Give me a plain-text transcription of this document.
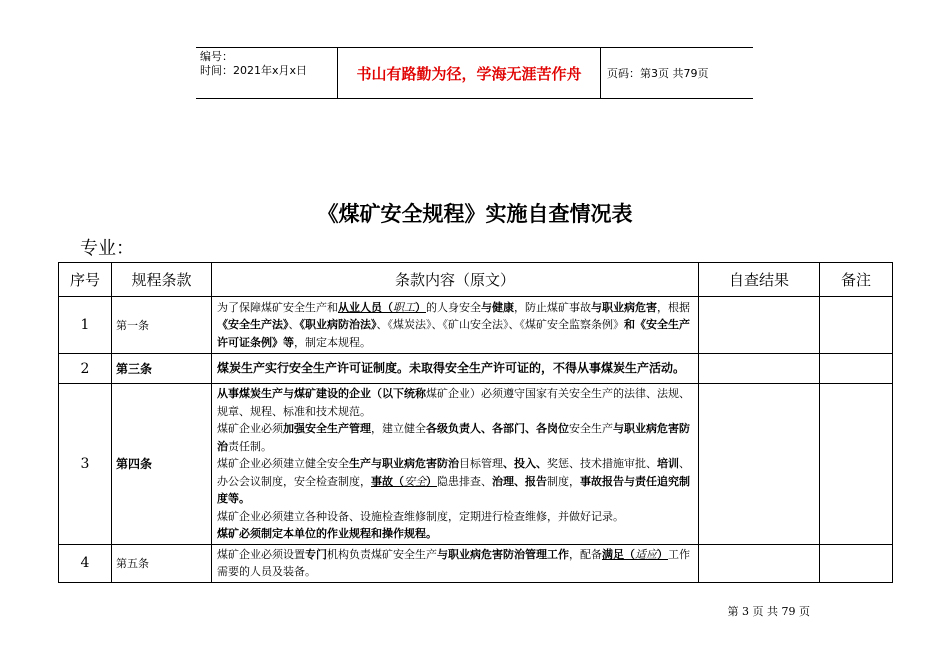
编号：
时间：2021年x月x日	书山有路勤为径，学海无涯苦作舟	页码：第3页 共79页
《煤矿安全规程》实施自查情况表
专业：
序号	规程条款	条款内容（原文）	自查结果	备注
1	第一条	为了保障煤矿安全生产和从业人员（职工）的人身安全与健康，防止煤矿事故与职业病危害，根据《安全生产法》、《职业病防治法》、《煤炭法》、《矿山安全法》、《煤矿安全监察条例》和《安全生产许可证条例》等，制定本规程。		
2	第三条	煤炭生产实行安全生产许可证制度。未取得安全生产许可证的，不得从事煤炭生产活动。		
3	第四条	从事煤炭生产与煤矿建设的企业（以下统称煤矿企业）必须遵守国家有关安全生产的法律、法规、规章、规程、标准和技术规范。
煤矿企业必须加强安全生产管理，建立健全各级负责人、各部门、各岗位安全生产与职业病危害防治责任制。
煤矿企业必须建立健全安全生产与职业病危害防治目标管理、投入、奖惩、技术措施审批、培训、办公会议制度，安全检查制度，事故（安全）隐患排查、治理、报告制度，事故报告与责任追究制度等。
煤矿企业必须建立各种设备、设施检查维修制度，定期进行检查维修，并做好记录。
煤矿必须制定本单位的作业规程和操作规程。		
4	第五条	煤矿企业必须设置专门机构负责煤矿安全生产与职业病危害防治管理工作，配备满足（适应）工作需要的人员及装备。		
第 3 页 共 79 页
